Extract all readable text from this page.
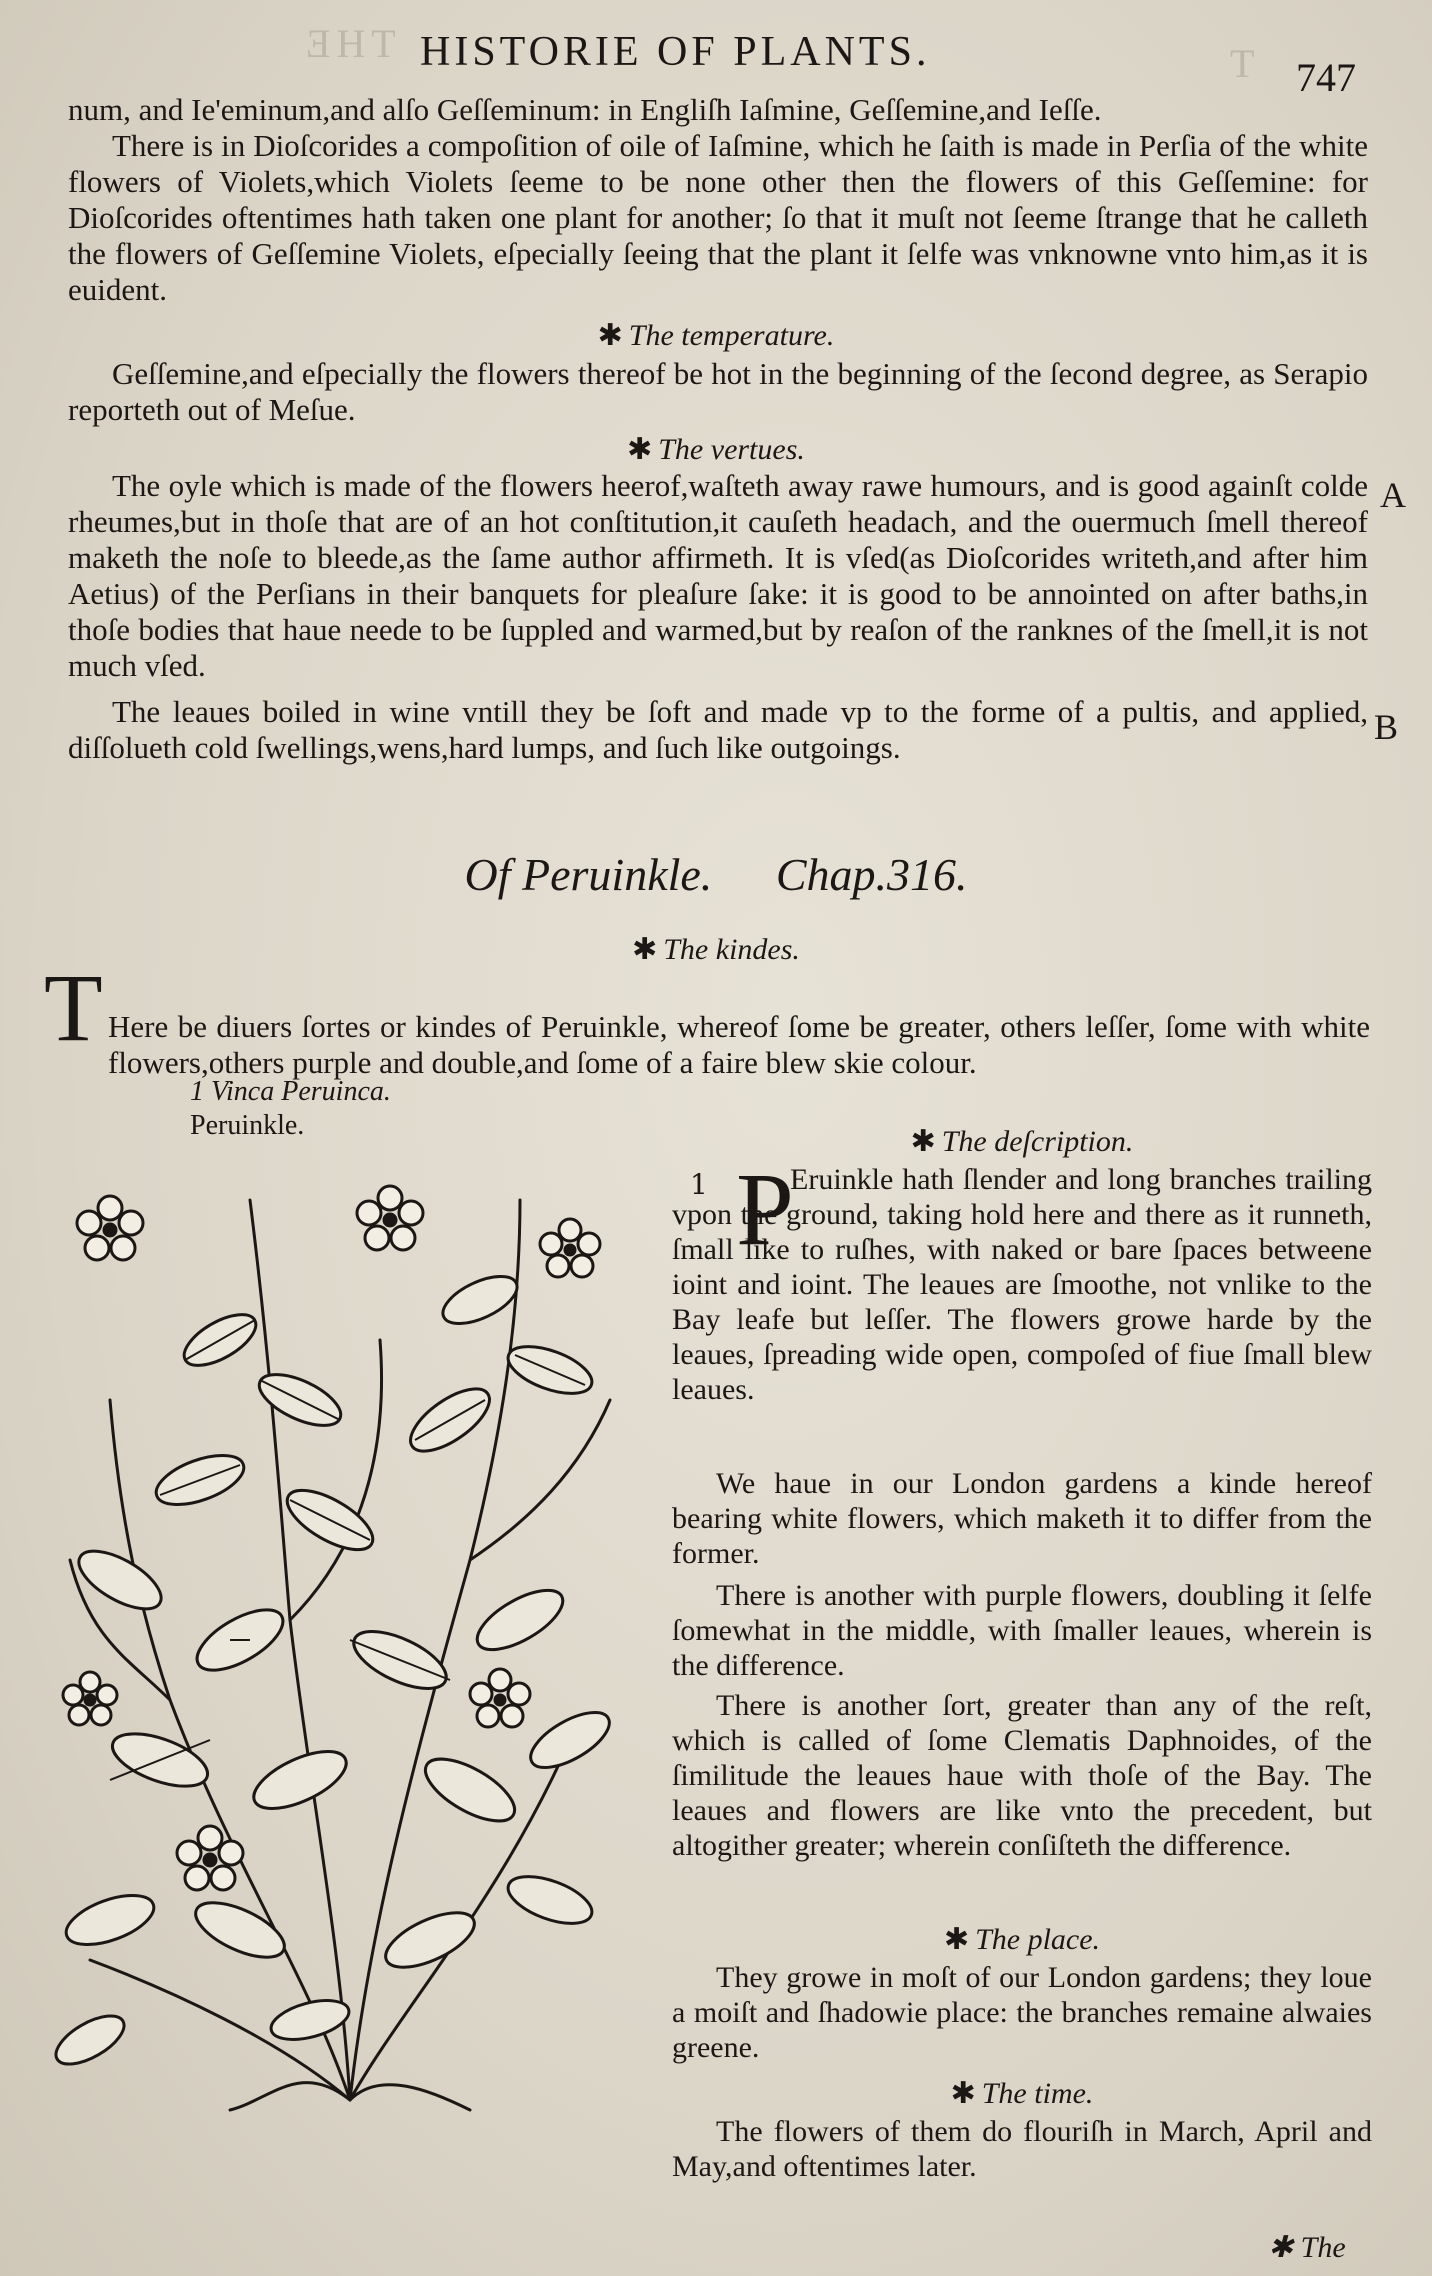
THE	T
HISTORIE OF PLANTS.
747

num, and Ie'eminum,and alſo Geſſeminum: in Engliſh Iaſmine, Geſſemine,and Ieſſe.

There is in Dioſcorides a compoſition of oile of Iaſmine, which he ſaith is made in Perſia of the white flowers of Violets,which Violets ſeeme to be none other then the flowers of this Geſſemine: for Dioſcorides oftentimes hath taken one plant for another; ſo that it muſt not ſeeme ſtrange that he calleth the flowers of Geſſemine Violets, eſpecially ſeeing that the plant it ſelfe was vnknowne vnto him,as it is euident.

✱ The temperature.

Geſſemine,and eſpecially the flowers thereof be hot in the beginning of the ſecond degree, as Serapio reporteth out of Meſue.

✱ The vertues.

The oyle which is made of the flowers heerof,waſteth away rawe humours, and is good againſt colde rheumes,but in thoſe that are of an hot conſtitution,it cauſeth headach, and the ouermuch ſmell thereof maketh the noſe to bleede,as the ſame author affirmeth. It is vſed(as Dioſcorides writeth,and after him Aetius) of the Perſians in their banquets for pleaſure ſake: it is good to be annointed on after baths,in thoſe bodies that haue neede to be ſuppled and warmed,but by reaſon of the ranknes of the ſmell,it is not much vſed.

A

The leaues boiled in wine vntill they be ſoft and made vp to the forme of a pultis, and applied, diſſolueth cold ſwellings,wens,hard lumps, and ſuch like outgoings.

B
Of Peruinkle. Chap.316.
✱ The kindes.
T Here be diuers ſortes or kindes of Peruinkle, whereof ſome be greater, others leſſer, ſome with white flowers,others purple and double,and ſome of a faire blew skie colour.

1 Vinca Peruinca.
Peruinkle.	✱ The deſcription.
1 P

Eruinkle hath ſlender and long branches trailing vpon the ground, taking hold here and there as it runneth, ſmall like to ruſhes, with naked or bare ſpaces betweene ioint and ioint. The leaues are ſmoothe, not vnlike to the Bay leafe but leſſer. The flowers growe harde by the leaues, ſpreading wide open, compoſed of fiue ſmall blew leaues.

We haue in our London gardens a kinde hereof bearing white flowers, which maketh it to differ from the former.

There is another with purple flowers, doubling it ſelfe ſomewhat in the middle, with ſmaller leaues, wherein is the difference.

There is another ſort, greater than any of the reſt, which is called of ſome Clematis Daphnoides, of the ſimilitude the leaues haue with thoſe of the Bay. The leaues and flowers are like vnto the precedent, but altogither greater; wherein conſiſteth the difference.

✱ The place.

They growe in moſt of our London gardens; they loue a moiſt and ſhadowie place: the branches remaine alwaies greene.

✱ The time.

The flowers of them do flouriſh in March, April and May,and oftentimes later.

✱ The
